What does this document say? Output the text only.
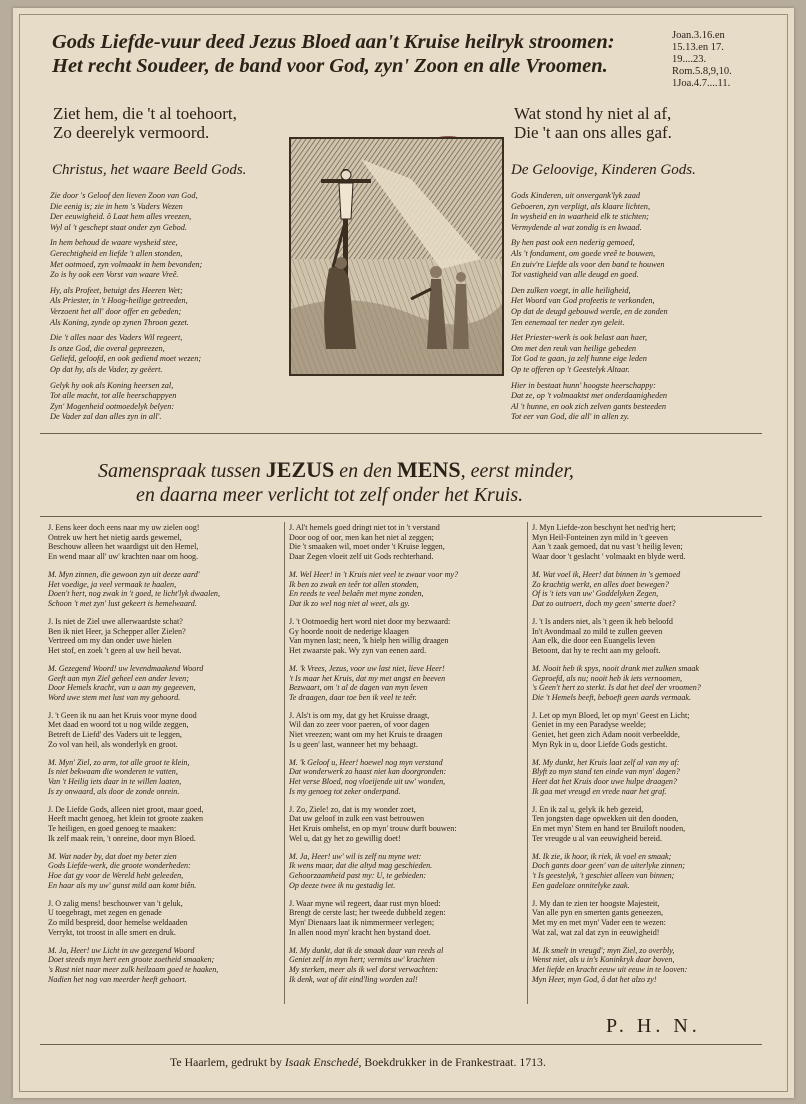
Gods Liefde-vuur deed Jezus Bloed aan't Kruise heilryk stroomen:
Het recht Soudeer, de band voor God, zyn' Zoon en alle Vroomen.
Joan.3.16.en
15.13.en 17.
19....23.
Rom.5.8,9,10.
1Joa.4.7....11.
Ziet hem, die 't al toehoort,
Zo deerelyk vermoord.
Wat stond hy niet al af,
Die 't aan ons alles gaf.
Christus, het waare Beeld Gods.	De Geloovige, Kinderen Gods.
Zie door 's Geloof den lieven Zoon van God,
Die eenig is; zie in hem 's Vaders Wezen
Der eeuwigheid. ô Laat hem alles vreezen,
Wyl al 't geschept staat onder zyn Gebod.
In hem behoud de waare wysheid stee,
Gerechtigheid en liefde 't allen stonden,
Met ootmoed, zyn volmaakt in hem bevonden;
Zo is hy ook een Vorst van waare Vreê.
Hy, als Profeet, betuigt des Heeren Wet;
Als Priester, in 't Hoog-heilige getreeden,
Verzoent het all' door offer en gebeden;
Als Koning, zynde op zynen Throon gezet.
Die 't alles naar des Vaders Wil regeert,
Is onze God, die overal gepreezen,
Geliefd, geloofd, en ook gediend moet wezen;
Op dat hy, als de Vader, zy geëert.
Gelyk hy ook als Koning heersen zal,
Tot alle macht, tot alle heerschappyen
Zyn' Mogenheid ootmoedelyk belyen:
De Vader zal dan alles zyn in all'.
Gods Kinderen, uit onvergank'lyk zaad
Geboeren, zyn verpligt, als klaare lichten,
In wysheid en in waarheid elk te stichten;
Vermydende al wat zondig is en kwaad.
By hen past ook een nederig gemoed,
Als 't fondament, om goede vreê te bouwen,
En zuiv're Liefde als voor den band te houwen
Tot vastigheid van alle deugd en goed.
Den zulken voegt, in alle heiligheid,
Het Woord van God profeetis te verkonden,
Op dat de deugd gebouwd werde, en de zonden
Ten eenemaal ter neder zyn geleit.
Het Priester-werk is ook belast aan haer,
Om met den reuk van heilige gebeden
Tot God te gaan, ja zelf hunne eige leden
Op te offeren op 't Geestelyk Altaar.
Hier in bestaat hunn' hoogste heerschappy:
Dat ze, op 't volmaaktst met onderdaanigheden
Al 't hunne, en ook zich zelven gants besteeden
Tot eer van God, die all' in allen zy.
Samenspraak tussen JEZUS en den MENS, eerst minder,
en daarna meer verlicht tot zelf onder het Kruis.
J. Eens keer doch eens naar my uw zielen oog!
Ontrek uw hert het nietig aards gewemel,
Beschouw alleen het waardigst uit den Hemel,
En wend maar all' uw' krachten naar om hoog.
M. Myn zinnen, die gewoon zyn uit deeze aard'
Het voedige, ja veel vermaak te haalen,
Doen't hert, nog zwak in 't goed, te licht'lyk dwaalen,
Schoon 't met zyn' lust gekeert is hemelwaard.
J. Is niet de Ziel uwe allerwaardste schat?
Ben ik niet Heer, ja Schepper aller Zielen?
Vertreed om my dan onder uwe hielen
Het stof, en zoek 't geen al uw heil bevat.
M. Gezegend Woord! uw levendmaakend Woord
Geeft aan myn Ziel geheel een ander leven;
Door Hemels kracht, van u aan my gegeeven,
Word uwe stem met lust van my gehoord.
J. 't Geen ik nu aan het Kruis voor myne dood
Met daad en woord tot u nog wilde zeggen,
Betreft de Liefd' des Vaders uit te leggen,
Zo vol van heil, als wonderlyk en groot.
M. Myn' Ziel, zo arm, tot alle groot te klein,
Is niet bekwaam die wonderen te vatten,
Van 't Heilig iets daar in te willen laaten,
Is zy onwaard, als door de zonde onrein.
J. De Liefde Gods, alleen niet groot, maar goed,
Heeft macht genoeg, het klein tot groote zaaken
Te heiligen, en goed genoeg te maaken:
Ik zelf maak rein, 't onreine, door myn Bloed.
M. Wat nader by, dat doet my beter zien
Gods Liefde-werk, die groote wonderheden:
Hoe dat gy voor de Wereld hebt geleeden,
En haar als my uw' gunst mild aan komt biên.
J. O zalig mens! beschouwer van 't geluk,
U toegebragt, met zegen en genade
Zo mild bespreid, door hemelse weldaaden
Verrykt, tot troost in alle smert en druk.
M. Ja, Heer! uw Licht in uw gezegend Woord
Doet steeds myn hert een groote zoetheid smaaken;
's Rust niet naar meer zulk heilzaam goed te haaken,
Nadien het nog van meerder heeft gehoort.
J. Al't hemels goed dringt niet tot in 't verstand
Door oog of oor, men kan het niet al zeggen;
Die 't smaaken wil, moet onder 't Kruise leggen,
Daar Zegen vloeit zelf uit Gods rechterhand.
M. Wel Heer! in 't Kruis niet veel te zwaar voor my?
Ik ben zo zwak en teêr tot allen stonden,
En reeds te veel belaên met myne zonden,
Dat ik zo wel nog niet al weet, als gy.
J. 't Ootmoedig hert word niet door my bezwaard:
Gy hoorde nooit de nederige klaagen
Van mynen last; neen, 'k hielp hen willig draagen
Het zwaarste pak. Wy zyn van eenen aard.
M. 'k Vrees, Jezus, voor uw last niet, lieve Heer!
't Is maar het Kruis, dat my met angst en beeven
Bezwaart, om 't al de dagen van myn leven
Te draagen, daar toe ben ik veel te teêr.
J. Als't is om my, dat gy het Kruisse draagt,
Wil dan zo zeer voor paeren, of voor dagen
Niet vreezen; want om my het Kruis te draagen
Is u geen' last, wanneer het my behaagt.
M. 'k Geloof u, Heer! hoewel nog myn verstand
Dat wonderwerk zo haast niet kan doorgronden:
Het verse Bloed, nog vloeijende uit uw' wonden,
Is my genoeg tot zeker onderpand.
J. Zo, Ziele! zo, dat is my wonder zoet,
Dat uw geloof in zulk een vast betrouwen
Het Kruis omhelst, en op myn' trouw durft bouwen:
Wel u, dat gy het zo gewillig doet!
M. Ja, Heer! uw' wil is zelf nu myne wet:
Ik wens maar, dat die altyd mag geschieden.
Gehoorzaamheid past my: U, te gebieden:
Op deeze twee ik nu gestadig let.
J. Waar myne wil regeert, daar rust myn bloed:
Brengt de cerste last; her tweede dubbeld zegen:
Myn' Dienaars laat ik nimmermeer verlegen;
In allen nood myn' kracht hen bystand doet.
M. My dunkt, dat ik de smaak daar van reeds al
Geniet zelf in myn hert; vermits uw' krachten
My sterken, meer als ik wel dorst verwachten:
Ik denk, wat of dit eind'ling worden zal!
J. Myn Liefde-zon beschynt het ned'rig hert;
Myn Heil-Fonteinen zyn mild in 't geeven
Aan 't zaak gemoed, dat nu vast 't heilig leven;
Waar door 't geslacht ' volmaakt en blyde werd.
M. Wat voel ik, Heer! dat binnen in 's gemoed
Zo krachtig werkt, en alles doet bewegen?
Of is 't iets van uw' Goddelyken Zegen,
Dat zo outroert, doch my geen' smerte doet?
J. 't Is anders niet, als 't geen ik heb beloofd
In't Avondmaal zo mild te zullen geeven
Aan elk, die door een Euangelis leven
Betoont, dat hy te recht aan my gelooft.
M. Nooit heb ik spys, nooit drank met zulken smaak
Geproefd, als nu; nooit heb ik iets vernoomen,
's Geen't hert zo sterkt. Is dat het deel der vroomen?
Die 't Hemels beeft, beboeft geen aards vermaak.
J. Let op myn Bloed, let op myn' Geest en Licht;
Geniet in my een Paradyse weelde;
Geniet, het geen zich Adam nooit verbeeldde,
Myn Ryk in u, door Liefde Gods gesticht.
M. My dunkt, het Kruis laat zelf al van my af:
Blyft zo myn stand ten einde van myn' dagen?
Heet dat het Kruis door uwe hulpe draagen?
Ik gaa met vreugd en vrede naar het graf.
J. En ik zal u, gelyk ik heb gezeid,
Ten jongsten dage opwekken uit den dooden,
En met myn' Stem en hand ter Bruiloft nooden,
Ter vreugde u al van eeuwigheid bereid.
M. Ik zie, ik hoor, ik riek, ik voel en smaak;
Doch gants door geen' van de uiterlyke zinnen;
't Is geestelyk, 't geschiet alleen van binnen;
Een gadeloze onnitelyke zaak.
J. My dan te zien ter hoogste Majesteit,
Van alle pyn en smerten gants geneezen,
Met my en met myn' Vader een te wezen:
Wat zal, wat zal dat zyn in eeuwigheid!
M. Ik smelt in vreugd'; myn Ziel, zo overbly,
Wenst niet, als u in's Koninkryk daar boven,
Met liefde en kracht eeuw uit eeuw in te looven:
Myn Heer, myn God, ô dat het alzo zy!
P. H. N.
Te Haarlem, gedrukt by Isaak Enschedé, Boekdrukker in de Frankestraat. 1713.
